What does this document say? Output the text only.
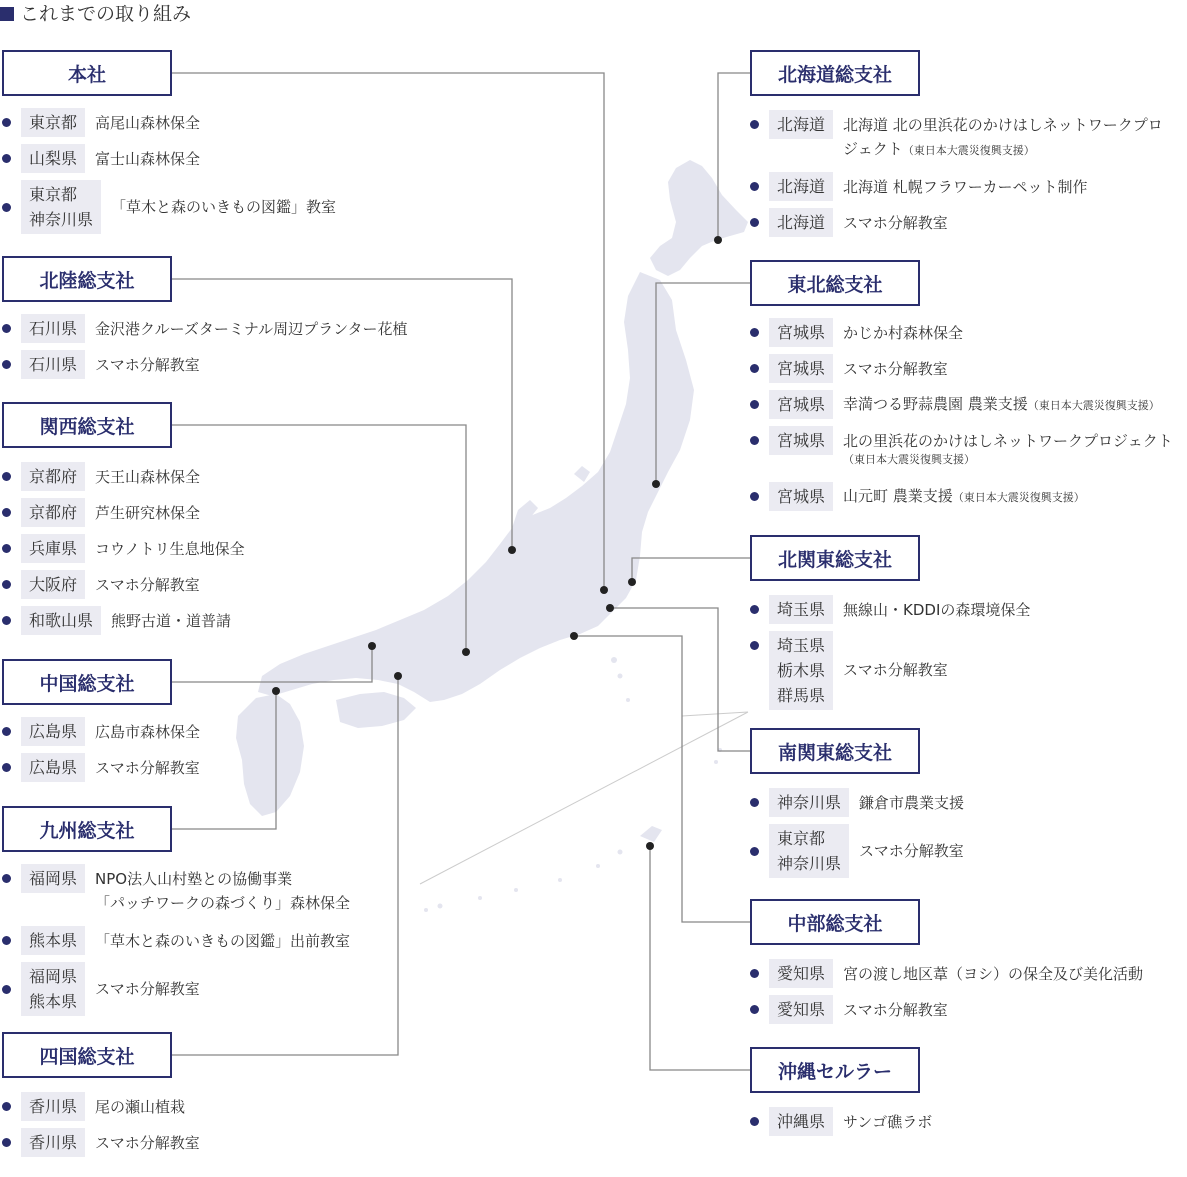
これまでの取り組み
本社
東京都 高尾山森林保全
山梨県 富士山森林保全
東京都
神奈川県
「草木と森のいきもの図鑑」教室
北陸総支社
石川県 金沢港クルーズターミナル周辺プランター花植
石川県 スマホ分解教室
関西総支社
京都府 天王山森林保全
京都府 芦生研究林保全
兵庫県 コウノトリ生息地保全
大阪府 スマホ分解教室
和歌山県 熊野古道・道普請
中国総支社
広島県 広島市森林保全
広島県 スマホ分解教室
九州総支社
福岡県 NPO法人山村塾との協働事業
「パッチワークの森づくり」森林保全
熊本県 「草木と森のいきもの図鑑」出前教室
福岡県
熊本県
スマホ分解教室
四国総支社
香川県 尾の瀬山植栽
香川県 スマホ分解教室
北海道総支社
北海道 北海道 北の里浜花のかけはしネットワークプロ
ジェクト（東日本大震災復興支援）
北海道 北海道 札幌フラワーカーペット制作
北海道 スマホ分解教室
東北総支社
宮城県 かじか村森林保全
宮城県 スマホ分解教室
宮城県 幸満つる野蒜農園 農業支援（東日本大震災復興支援）
宮城県 北の里浜花のかけはしネットワークプロジェクト
（東日本大震災復興支援）
宮城県 山元町 農業支援（東日本大震災復興支援）
北関東総支社
埼玉県 無線山・KDDIの森環境保全
埼玉県
栃木県
群馬県
スマホ分解教室
南関東総支社
神奈川県 鎌倉市農業支援
東京都
神奈川県
スマホ分解教室
中部総支社
愛知県 宮の渡し地区葦（ヨシ）の保全及び美化活動
愛知県 スマホ分解教室
沖縄セルラー
沖縄県 サンゴ礁ラボ
